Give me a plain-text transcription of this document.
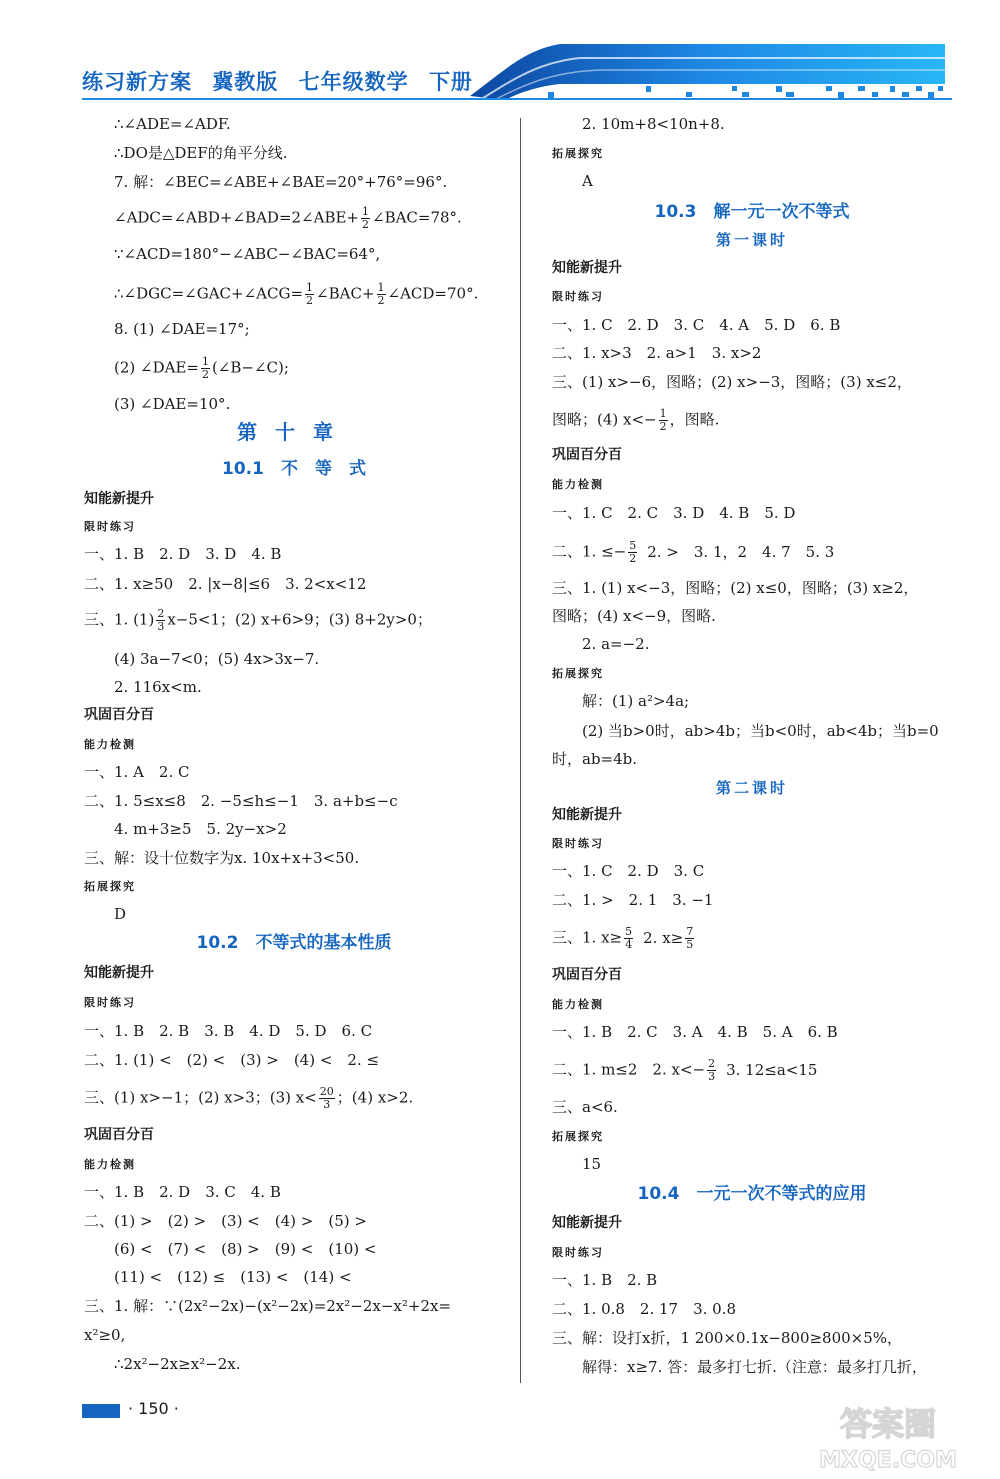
练习新方案 冀教版 七年级数学 下册
∴∠ADE=∠ADF.
∴DO是△DEF的角平分线.
7. 解：∠BEC=∠ABE+∠BAE=20°+76°=96°.
∠ADC=∠ABD+∠BAD=2∠ABE+ $\frac{1}{2}$ ∠BAC=78°.
∵∠ACD=180°−∠ABC−∠BAC=64°,
∴∠DGC=∠GAC+∠ACG= $\frac{1}{2}$ ∠BAC+ $\frac{1}{2}$ ∠ACD=70°.
8. (1) ∠DAE=17°;
(2) ∠DAE= $\frac{1}{2}$ (∠B−∠C);
(3) ∠DAE=10°.
第十章
10.1　不　等　式
知能新提升
限时练习
一、1. B　2. D　3. D　4. B
二、1. x≥50　2. |x−8|≤6　3. 2<x<12
三、1. $(1) \frac{2}{3} x-5<1$；(2) x+6>9；(3) 8+2y>0；
(4) 3a−7<0；(5) 4x>3x−7.
2. 116x<m.
巩固百分百
能力检测
一、1. A　2. C
二、1. 5≤x≤8　2. −5≤h≤−1　3. a+b≤−c
4. m+3≥5　5. 2y−x>2
三、解：设十位数字为x. 10x+x+3<50.
拓展探究
D
10.2　不等式的基本性质
知能新提升
限时练习
一、1. B　2. B　3. B　4. D　5. D　6. C
二、1. (1) <　(2) <　(3) >　(4) <　2. ≤
三、(1) x>−1；(2) x>3；(3) $x< \frac{20}{3}$ ；(4) x>2.
巩固百分百
能力检测
一、1. B　2. D　3. C　4. B
二、(1) >　(2) >　(3) <　(4) >　(5) >
(6) <　(7) <　(8) >　(9) <　(10) <
(11) <　(12) ≤　(13) <　(14) <
三、1. 解：∵(2x²−2x)−(x²−2x)=2x²−2x−x²+2x=
x²≥0,
∴2x²−2x≥x²−2x.
2. 10m+8<10n+8.
拓展探究
A
10.3　解一元一次不等式
第一课时
知能新提升
限时练习
一、1. C　2. D　3. C　4. A　5. D　6. B
二、1. x>3　2. a>1　3. x>2
三、(1) x>−6，图略；(2) x>−3，图略；(3) x≤2，
图略；(4) $x<- \frac{1}{2}$ ，图略.
巩固百分百
能力检测
一、1. C　2. C　3. D　4. B　5. D
二、1. ≤− $\frac{5}{2} 2$. >　3. 1，2　4. 7　5. 3
三、1. (1) x<−3，图略；(2) x≤0，图略；(3) x≥2，
图略；(4) x<−9，图略.
2. a=−2.
拓展探究
解：(1) a²>4a;
(2) 当b>0时，ab>4b；当b<0时，ab<4b；当b=0
时，ab=4b.
第二课时
知能新提升
限时练习
一、1. C　2. D　3. C
二、1. >　2. 1　3. −1
三、1. $x\ge \frac{5}{4} 2$. $x\ge \frac{7}{5}$
巩固百分百
能力检测
一、1. B　2. C　3. A　4. B　5. A　6. B
二、1. m≤2　2. $x<- \frac{2}{3} 3$. 12≤a<15
三、a<6.
拓展探究
15
10.4　一元一次不等式的应用
知能新提升
限时练习
一、1. B　2. B
二、1. 0.8　2. 17　3. 0.8
三、解：设打x折，1 200×0.1x−800≥800×5%，
解得：x≥7. 答：最多打七折.（注意：最多打几折，
· 150 ·	答案圈
MXQE.COM
